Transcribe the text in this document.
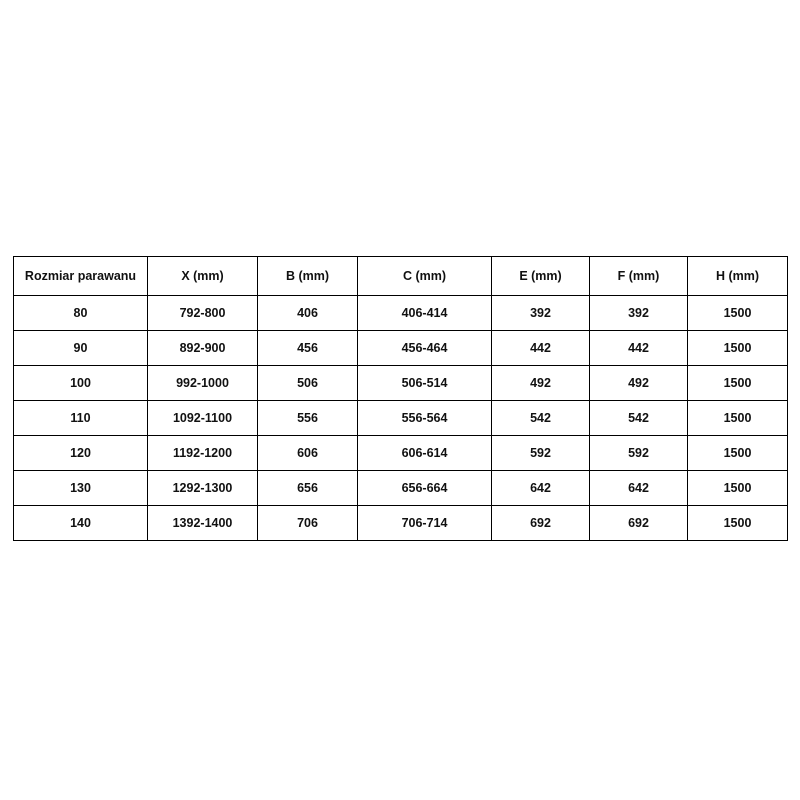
Rozmiar parawanu	X (mm)	B (mm)	C (mm)	E (mm)	F (mm)	H (mm)
80	792-800	406	406-414	392	392	1500
90	892-900	456	456-464	442	442	1500
100	992-1000	506	506-514	492	492	1500
110	1092-1100	556	556-564	542	542	1500
120	1192-1200	606	606-614	592	592	1500
130	1292-1300	656	656-664	642	642	1500
140	1392-1400	706	706-714	692	692	1500
